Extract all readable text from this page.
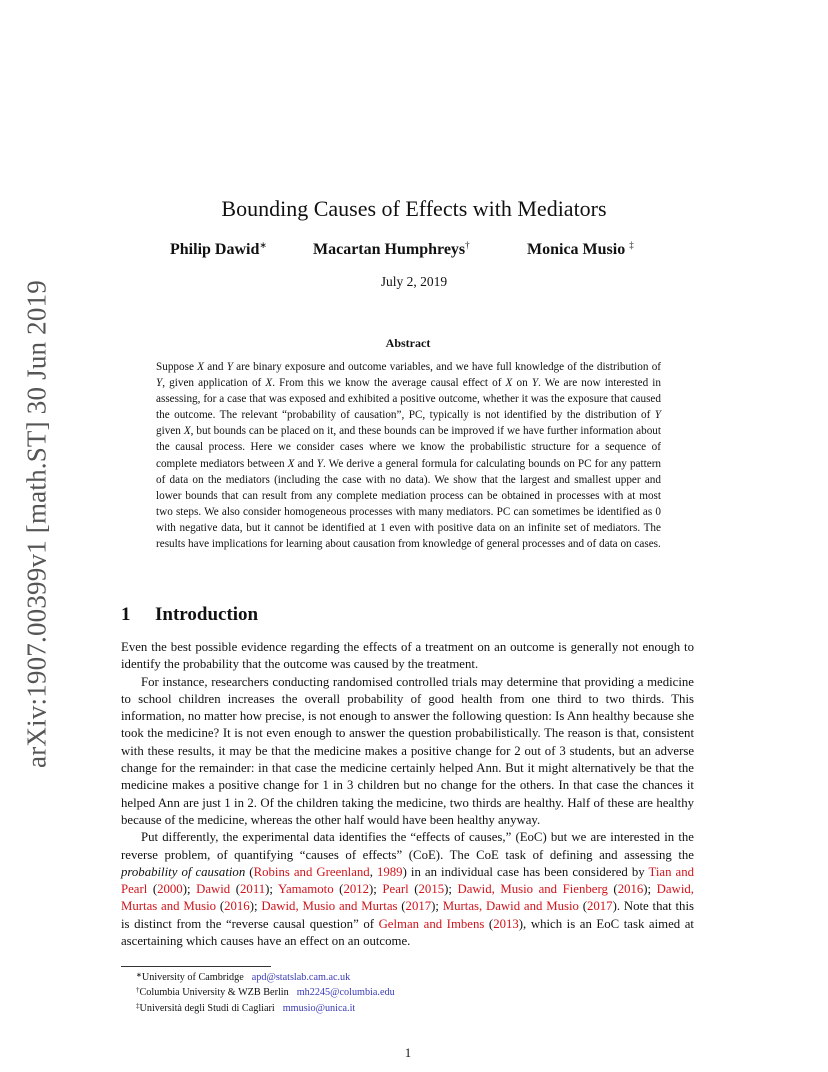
arXiv:1907.00399v1 [math.ST] 30 Jun 2019
Bounding Causes of Effects with Mediators
Philip Dawid∗	Macartan Humphreys†	Monica Musio ‡
July 2, 2019
Abstract
Suppose X and Y are binary exposure and outcome variables, and we have full knowledge of the distribution of Y, given application of X. From this we know the average causal effect of X on Y. We are now interested in assessing, for a case that was exposed and exhibited a positive outcome, whether it was the exposure that caused the outcome. The relevant “probability of causation”, PC, typically is not identified by the distribution of Y given X, but bounds can be placed on it, and these bounds can be improved if we have further information about the causal process. Here we consider cases where we know the probabilistic structure for a sequence of complete mediators between X and Y. We derive a general formula for calculating bounds on PC for any pattern of data on the mediators (including the case with no data). We show that the largest and smallest upper and lower bounds that can result from any complete mediation process can be obtained in processes with at most two steps. We also consider homogeneous processes with many mediators. PC can sometimes be identified as 0 with negative data, but it cannot be identified at 1 even with positive data on an infinite set of mediators. The results have implications for learning about causation from knowledge of general processes and of data on cases.
1 Introduction

Even the best possible evidence regarding the effects of a treatment on an outcome is generally not enough to identify the probability that the outcome was caused by the treatment.

For instance, researchers conducting randomised controlled trials may determine that providing a medicine to school children increases the overall probability of good health from one third to two thirds. This information, no matter how precise, is not enough to answer the following question: Is Ann healthy because she took the medicine? It is not even enough to answer the question probabilistically. The reason is that, consistent with these results, it may be that the medicine makes a positive change for 2 out of 3 students, but an adverse change for the remainder: in that case the medicine certainly helped Ann. But it might alternatively be that the medicine makes a positive change for 1 in 3 children but no change for the others. In that case the chances it helped Ann are just 1 in 2. Of the children taking the medicine, two thirds are healthy. Half of these are healthy because of the medicine, whereas the other half would have been healthy anyway.

Put differently, the experimental data identifies the “effects of causes,” (EoC) but we are interested in the reverse problem, of quantifying “causes of effects” (CoE). The CoE task of defining and assessing the probability of causation (Robins and Greenland, 1989) in an individual case has been considered by Tian and Pearl (2000); Dawid (2011); Yamamoto (2012); Pearl (2015); Dawid, Musio and Fienberg (2016); Dawid, Murtas and Musio (2016); Dawid, Musio and Murtas (2017); Murtas, Dawid and Musio (2017). Note that this is distinct from the “reverse causal question” of Gelman and Imbens (2013), which is an EoC task aimed at ascertaining which causes have an effect on an outcome.

∗University of Cambridge apd@statslab.cam.ac.uk
†Columbia University & WZB Berlin mh2245@columbia.edu
‡Università degli Studi di Cagliari mmusio@unica.it
1
